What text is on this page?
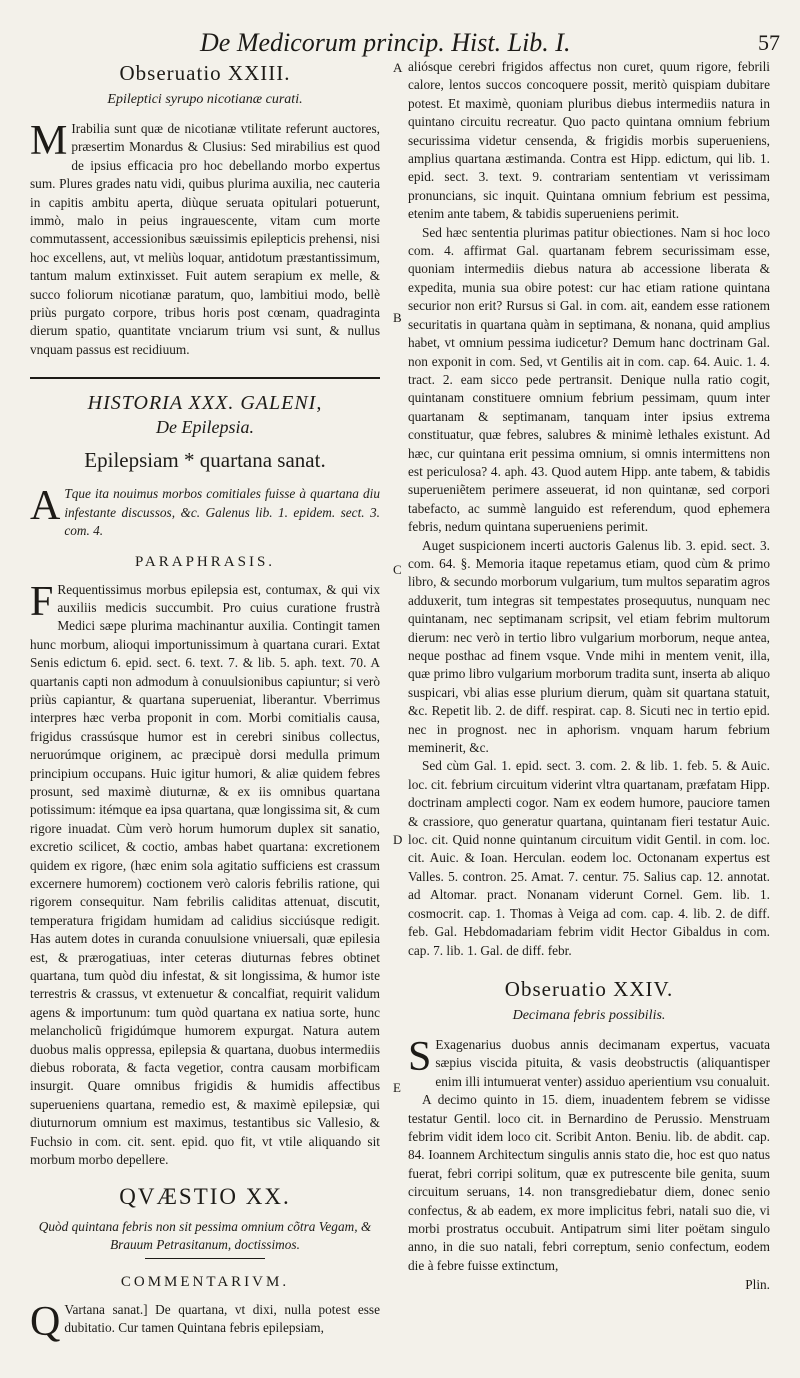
De Medicorum princip. Hist. Lib. I.	57
Obseruatio XXIII.
Epileptici syrupo nicotianæ curati.

M Irabilia sunt quæ de nicotianæ vtilitate referunt auctores, præsertim Monardus & Clusius: Sed mirabilius est quod de ipsius efficacia pro hoc debellando morbo expertus sum. Plures grades natu vidi, quibus plurima auxilia, nec cauteria in capitis ambitu aperta, diùque seruata opitulari potuerunt, immò, malo in peius ingrauescente, vitam cum morte commutassent, accessionibus sæuissimis epilepticis prehensi, nisi hoc excellens, aut, vt meliùs loquar, antidotum præstantissimum, tantum malum extinxisset. Fuit autem serapium ex melle, & succo foliorum nicotianæ paratum, quo, lambitiui modo, bellè priùs purgato corpore, tribus horis post cœnam, quadraginta dierum spatio, quantitate vnciarum trium vsi sunt, & nullus vnquam passus est recidiuum.

HISTORIA XXX. GALENI,
De Epilepsia.
Epilepsiam * quartana sanat.

A Tque ita nouimus morbos comitiales fuisse à quartana diu infestante discussos, &c. Galenus lib. 1. epidem. sect. 3. com. 4.

PARAPHRASIS.

F Requentissimus morbus epilepsia est, contumax, & qui vix auxiliis medicis succumbit. Pro cuius curatione frustrà Medici sæpe plurima machinantur auxilia. Contingit tamen hunc morbum, alioqui importunissimum à quartana curari. Extat Senis edictum 6. epid. sect. 6. text. 7. & lib. 5. aph. text. 70. A quartanis capti non admodum à conuulsionibus capiuntur; si verò priùs capiantur, & quartana superueniat, liberantur. Vberrimus interpres hæc verba proponit in com. Morbi comitialis causa, frigidus crassúsque humor est in cerebri sinibus collectus, neruorúmque originem, ac præcipuè dorsi medulla primum principium occupans. Huic igitur humori, & aliæ quidem febres prosunt, sed maximè diuturnæ, & ex iis omnibus quartana potissimum: itémque ea ipsa quartana, quæ longissima sit, & cum rigore inuadat. Cùm verò horum humorum duplex sit sanatio, excretio scilicet, & coctio, ambas habet quartana: excretionem quidem ex rigore, (hæc enim sola agitatio sufficiens est crassum excernere humorem) coctionem verò caloris febrilis ratione, qui rigorem consequitur. Nam febrilis caliditas attenuat, discutit, temperatura frigidam humidam ad calidius sicciúsque redigit. Has autem dotes in curanda conuulsione vniuersali, quæ epilesia est, & prærogatiuas, inter ceteras diuturnas febres obtinet quartana, tum quòd diu infestat, & sit longissima, & humor iste terrestris & crassus, vt extenuetur & concalfiat, requirit validum agens & importunum: tum quòd quartana ex natiua sorte, hunc melancholicũ frigidúmque humorem expurgat. Natura autem duobus malis oppressa, epilepsia & quartana, duobus intermediis diebus roborata, & facta vegetior, contra causam morbificam insurgit. Quare omnibus frigidis & humidis affectibus superueniens quartana, remedio est, & maximè epilepsiæ, qui diuturnorum omnium est maximus, testantibus sic Vallesio, & Fuchsio in com. cit. sent. epid. quo fit, vt vtile aliquando sit morbum morbo depellere.

QVÆSTIO XX.
Quòd quintana febris non sit pessima omnium cõtra Vegam, & Brauum Petrasitanum, doctissimos.
COMMENTARIVM.

Q Vartana sanat.] De quartana, vt dixi, nulla potest esse dubitatio. Cur tamen Quintana febris epilepsiam,

A
B
C
D
E

aliósque cerebri frigidos affectus non curet, quum rigore, febrili calore, lentos succos concoquere possit, meritò quispiam dubitare potest. Et maximè, quoniam pluribus diebus intermediis natura in quintano circuitu recreatur. Quo pacto quintana omnium febrium securissima videtur censenda, & frigidis morbis superueniens, amplius quartana æstimanda. Contra est Hipp. edictum, qui lib. 1. epid. sect. 3. text. 9. contrariam sententiam vt verissimam pronuncians, sic inquit. Quintana omnium febrium est pessima, etenim ante tabem, & tabidis superueniens perimit.

Sed hæc sententia plurimas patitur obiectiones. Nam si hoc loco com. 4. affirmat Gal. quartanam febrem securissimam esse, quoniam intermediis diebus natura ab accessione liberata & expedita, munia sua obire potest: cur hac etiam ratione quintana securior non erit? Rursus si Gal. in com. ait, eandem esse rationem securitatis in quartana quàm in septimana, & nonana, quid amplius habet, vt omnium pessima iudicetur? Demum hanc doctrinam Gal. non exponit in com. Sed, vt Gentilis ait in com. cap. 64. Auic. 1. 4. tract. 2. eam sicco pede pertransit. Denique nulla ratio cogit, quintanam constituere omnium febrium pessimam, quum inter quartanam & septimanam, tanquam inter ipsius extrema constituatur, quæ febres, salubres & minimè lethales existunt. Ad hæc, cur quintana erit pessima omnium, si omnis intermittens non est periculosa? 4. aph. 43. Quod autem Hipp. ante tabem, & tabidis superueniẽtem perimere asseuerat, id non quintanæ, sed corpori tabefacto, ac summè languido est referendum, quod ephemera febris, nedum quintana superueniens perimit.

Auget suspicionem incerti auctoris Galenus lib. 3. epid. sect. 3. com. 64. §. Memoria itaque repetamus etiam, quod cùm & primo libro, & secundo morborum vulgarium, tum multos separatim agros adduxerit, tum integras sit tempestates prosequutus, nunquam nec quintanam, nec septimanam scripsit, vel etiam febrim multorum dierum: nec verò in tertio libro vulgarium morborum, neque antea, neque posthac ad finem vsque. Vnde mihi in mentem venit, illa, quæ primo libro vulgarium morborum tradita sunt, inserta ab aliquo suspicari, vbi alias esse plurium dierum, quàm sit quartana statuit, &c. Repetit lib. 2. de diff. respirat. cap. 8. Sicuti nec in tertio epid. nec in prognost. nec in aphorism. vnquam harum febrium meminerit, &c.

Sed cùm Gal. 1. epid. sect. 3. com. 2. & lib. 1. feb. 5. & Auic. loc. cit. febrium circuitum viderint vltra quartanam, præfatam Hipp. doctrinam amplecti cogor. Nam ex eodem humore, pauciore tamen & crassiore, quo generatur quartana, quintanam fieri testatur Auic. loc. cit. Quid nonne quintanum circuitum vidit Gentil. in com. loc. cit. Auic. & Ioan. Herculan. eodem loc. Octonanam expertus est Valles. 5. contron. 25. Amat. 7. centur. 75. Salius cap. 12. annotat. ad Altomar. pract. Nonanam viderunt Cornel. Gem. lib. 1. cosmocrit. cap. 1. Thomas à Veiga ad com. cap. 4. lib. 2. de diff. feb. Gal. Hebdomadariam febrim vidit Hector Gibaldus in com. cap. 7. lib. 1. Gal. de diff. febr.

Obseruatio XXIV.
Decimana febris possibilis.

S Exagenarius duobus annis decimanam expertus, vacuata sæpius viscida pituita, & vasis deobstructis (aliquantisper enim illi intumuerat venter) assiduo aperientium vsu conualuit.

A decimo quinto in 15. diem, inuadentem febrem se vidisse testatur Gentil. loco cit. in Bernardino de Perussio. Menstruam febrim vidit idem loco cit. Scribit Anton. Beniu. lib. de abdit. cap. 84. Ioannem Architectum singulis annis stato die, hoc est quo natus fuerat, febri corripi solitum, quæ ex putrescente bile genita, suum circuitum seruans, 14. non transgrediebatur diem, donec senio confectus, & ab eadem, ex more implicitus febri, natali suo die, vi morbi prostratus occubuit. Antipatrum simi liter poëtam singulo anno, in die suo natali, febri correptum, senio confectum, eodem die à febre fuisse extinctum,

Plin.
